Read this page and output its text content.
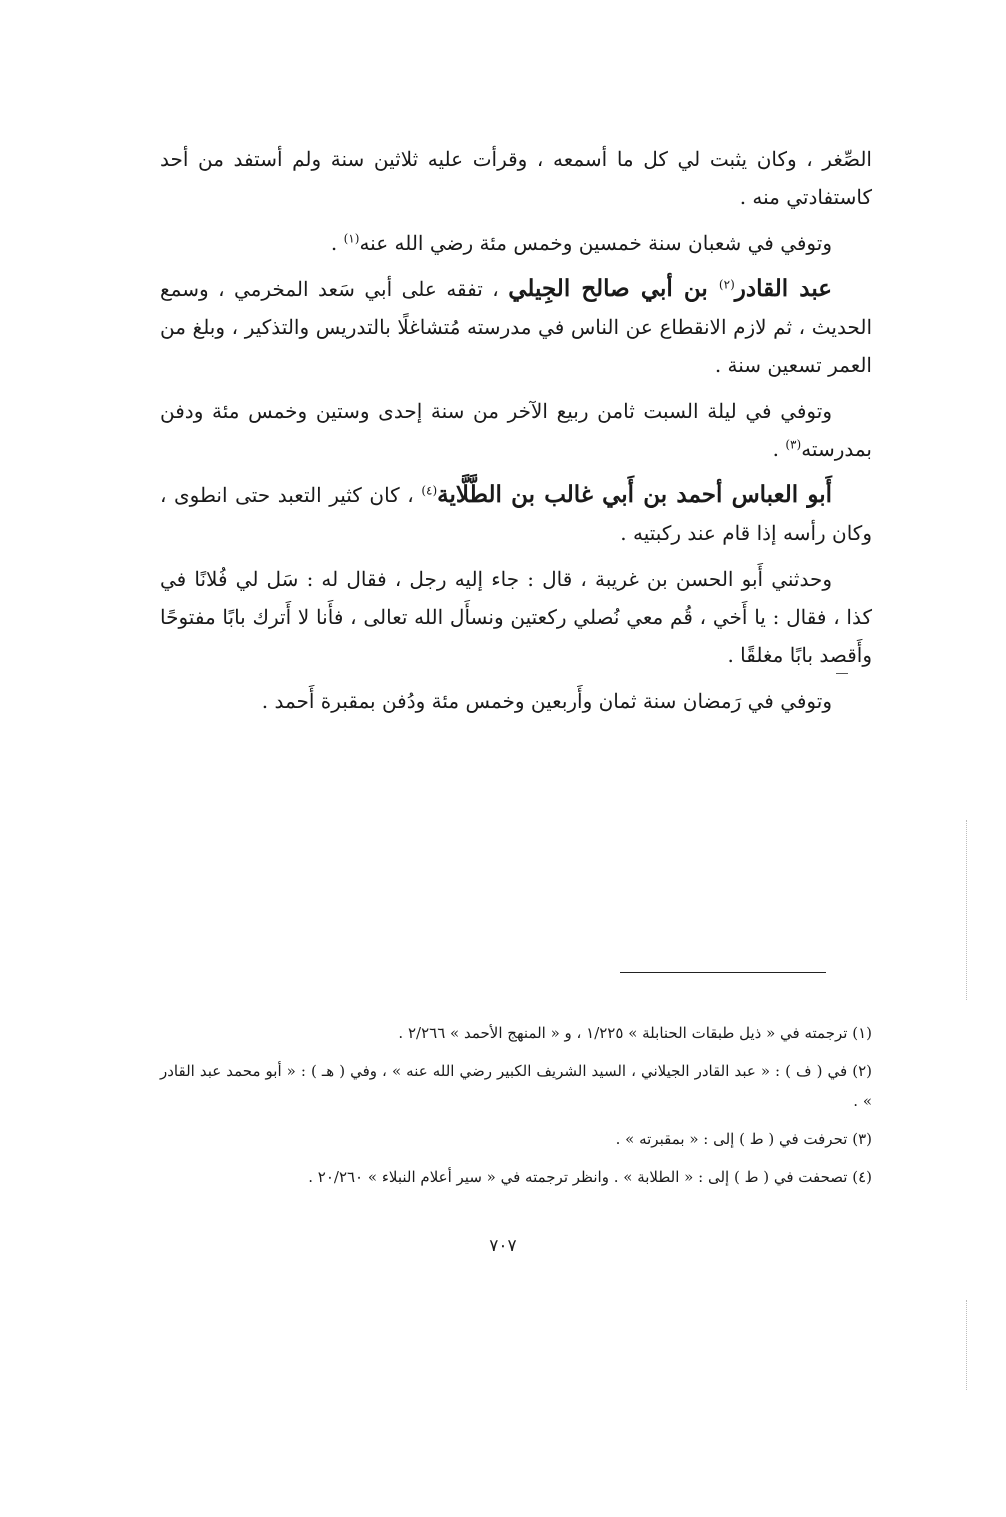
الصِّغر ، وكان يثبت لي كل ما أسمعه ، وقرأت عليه ثلاثين سنة ولم أستفد من أحد كاستفادتي منه .

وتوفي في شعبان سنة خمسين وخمس مئة رضي الله عنه$^{(١)}$ .

عبد القادر$^{(٢)}$ بن أبي صالح الجِيلي ، تفقه على أبي سَعد المخرمي ، وسمع الحديث ، ثم لازم الانقطاع عن الناس في مدرسته مُتشاغلًا بالتدريس والتذكير ، وبلغ من العمر تسعين سنة .

وتوفي في ليلة السبت ثامن ربيع الآخر من سنة إحدى وستين وخمس مئة ودفن بمدرسته$^{(٣)}$ .

أَبو العباس أحمد بن أَبي غالب بن الطَّلَّاية$^{(٤)}$ ، كان كثير التعبد حتى انطوى ، وكان رأسه إذا قام عند ركبتيه .

وحدثني أَبو الحسن بن غريبة ، قال : جاء إليه رجل ، فقال له : سَل لي فُلانًا في كذا ، فقال : يا أَخي ، قُم معي نُصلي ركعتين ونسأَل الله تعالى ، فأَنا لا أَترك بابًا مفتوحًا وأَقصد بابًا مغلقًا .

وتوفي في رَمضان سنة ثمان وأَربعين وخمس مئة ودُفن بمقبرة أَحمد .

(١) ترجمته في « ذيل طبقات الحنابلة » ١/٢٢٥ ، و « المنهج الأحمد » ٢/٢٦٦ .

(٢) في ( ف ) : « عبد القادر الجيلاني ، السيد الشريف الكبير رضي الله عنه » ، وفي ( هـ ) : « أبو محمد عبد القادر » .

(٣) تحرفت في ( ط ) إلى : « بمقبرته » .

(٤) تصحفت في ( ط ) إلى : « الطلابة » . وانظر ترجمته في « سير أعلام النبلاء » ٢٠/٢٦٠ .

٧٠٧
